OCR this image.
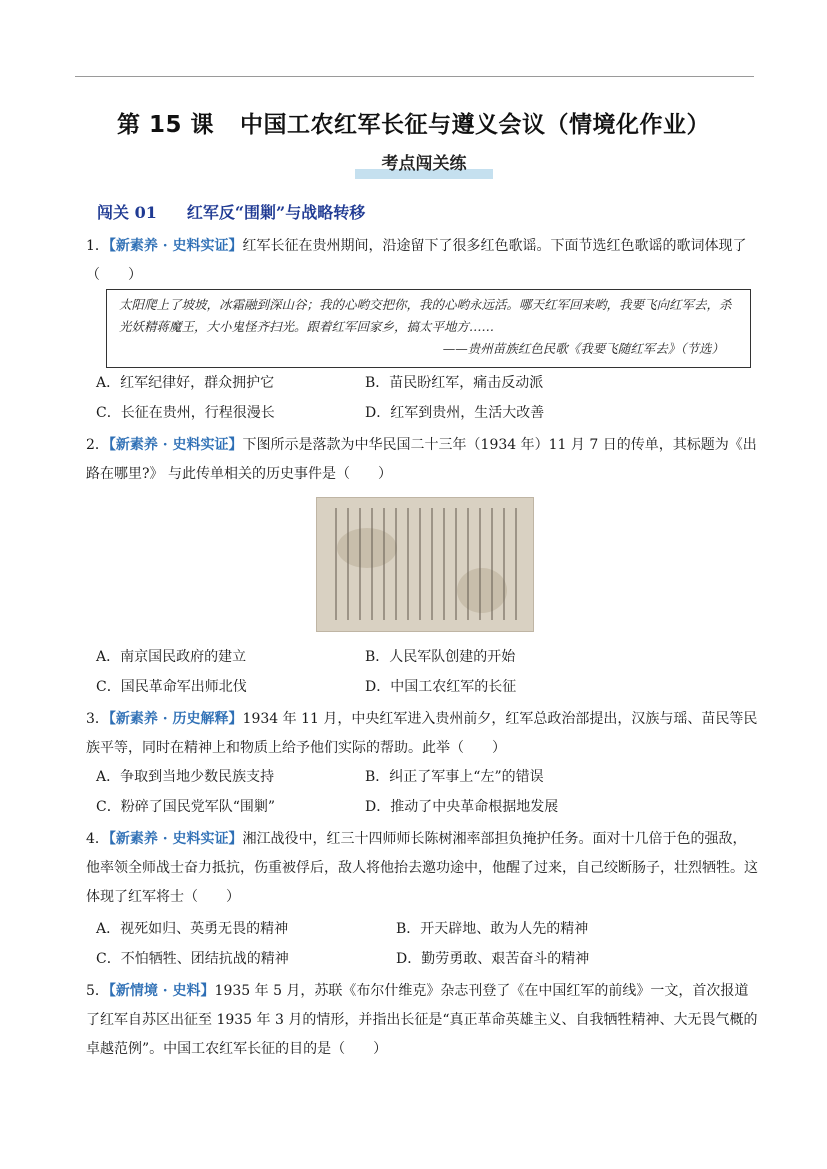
第 15 课 中国工农红军长征与遵义会议（情境化作业）
考点闯关练
闯关 01 红军反“围剿”与战略转移
1．【新素养 · 史料实证】红军长征在贵州期间，沿途留下了很多红色歌谣。下面节选红色歌谣的歌词体现了（　　）
太阳爬上了坡坡，冰霜融到深山谷；我的心哟交把你，我的心哟永远活。哪天红军回来哟，我要飞向红军去，杀光妖精蒋魔王，大小鬼怪齐扫光。跟着红军回家乡，搞太平地方……
——贵州苗族红色民歌《我要飞随红军去》（节选）
A．红军纪律好，群众拥护它	B．苗民盼红军，痛击反动派
C．长征在贵州，行程很漫长	D．红军到贵州，生活大改善
2．【新素养 · 史料实证】下图所示是落款为中华民国二十三年（1934 年）11 月 7 日的传单，其标题为《出路在哪里?》 与此传单相关的历史事件是（　　）
A．南京国民政府的建立	B．人民军队创建的开始
C．国民革命军出师北伐	D．中国工农红军的长征
3．【新素养 · 历史解释】1934 年 11 月，中央红军进入贵州前夕，红军总政治部提出，汉族与瑶、苗民等民族平等，同时在精神上和物质上给予他们实际的帮助。此举（　　）
A．争取到当地少数民族支持	B．纠正了军事上“左”的错误
C．粉碎了国民党军队“围剿”	D．推动了中央革命根据地发展
4．【新素养 · 史料实证】湘江战役中，红三十四师师长陈树湘率部担负掩护任务。面对十几倍于色的强敌，他率领全师战士奋力抵抗，伤重被俘后，敌人将他抬去邀功途中，他醒了过来，自己绞断肠子，壮烈牺牲。这体现了红军将士（　　）
A．视死如归、英勇无畏的精神	B．开天辟地、敢为人先的精神
C．不怕牺牲、团结抗战的精神	D．勤劳勇敢、艰苦奋斗的精神
5．【新情境 · 史料】1935 年 5 月，苏联《布尔什维克》杂志刊登了《在中国红军的前线》一文，首次报道了红军自苏区出征至 1935 年 3 月的情形，并指出长征是“真正革命英雄主义、自我牺牲精神、大无畏气概的卓越范例”。中国工农红军长征的目的是（　　）
